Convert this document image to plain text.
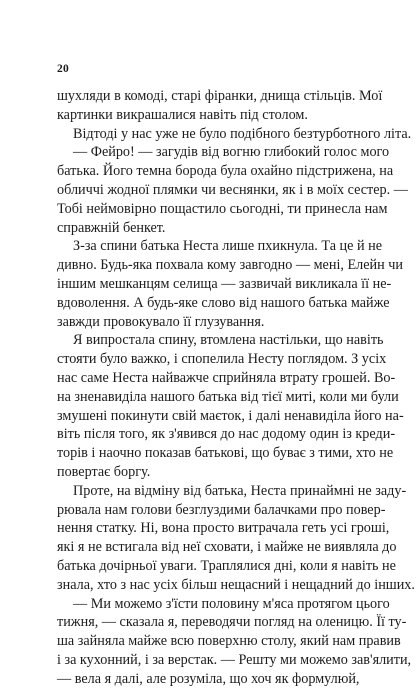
20
шухляди в комоді, старі фіранки, днища стільців. Мої
картинки викрашалися навіть під столом.
Відтоді у нас уже не було подібного безтурботного літа.
— Фейро! — загудів від вогню глибокий голос мого
батька. Його темна борода була охайно підстрижена, на
обличчі жодної плямки чи веснянки, як і в моїх сестер. —
Тобі неймовірно пощастило сьогодні, ти принесла нам
справжній бенкет.
З-за спини батька Неста лише пхикнула. Та це й не
дивно. Будь-яка похвала кому завгодно — мені, Елейн чи
іншим мешканцям селища — зазвичай викликала її не-
вдоволення. А будь-яке слово від нашого батька майже
завжди провокувало її глузування.
Я випростала спину, втомлена настільки, що навіть
стояти було важко, і спопелила Несту поглядом. З усіх
нас саме Неста найважче сприйняла втрату грошей. Во-
на зненавиділа нашого батька від тієї миті, коли ми були
змушені покинути свій маєток, і далі ненавиділа його на-
віть після того, як з'явився до нас додому один із креди-
торів і наочно показав батькові, що буває з тими, хто не
повертає боргу.
Проте, на відміну від батька, Неста принаймні не заду-
рювала нам голови безглуздими балачками про повер-
нення статку. Ні, вона просто витрачала геть усі гроші,
які я не встигала від неї сховати, і майже не виявляла до
батька дочірньої уваги. Траплялися дні, коли я навіть не
знала, хто з нас усіх більш нещасний і нещадний до інших.
— Ми можемо з'їсти половину м'яса протягом цього
тижня, — сказала я, переводячи погляд на оленицю. Її ту-
ша зайняла майже всю поверхню столу, який нам правив
і за кухонний, і за верстак. — Решту ми можемо зав'ялити,
— вела я далі, але розуміла, що хоч як формулюй,
